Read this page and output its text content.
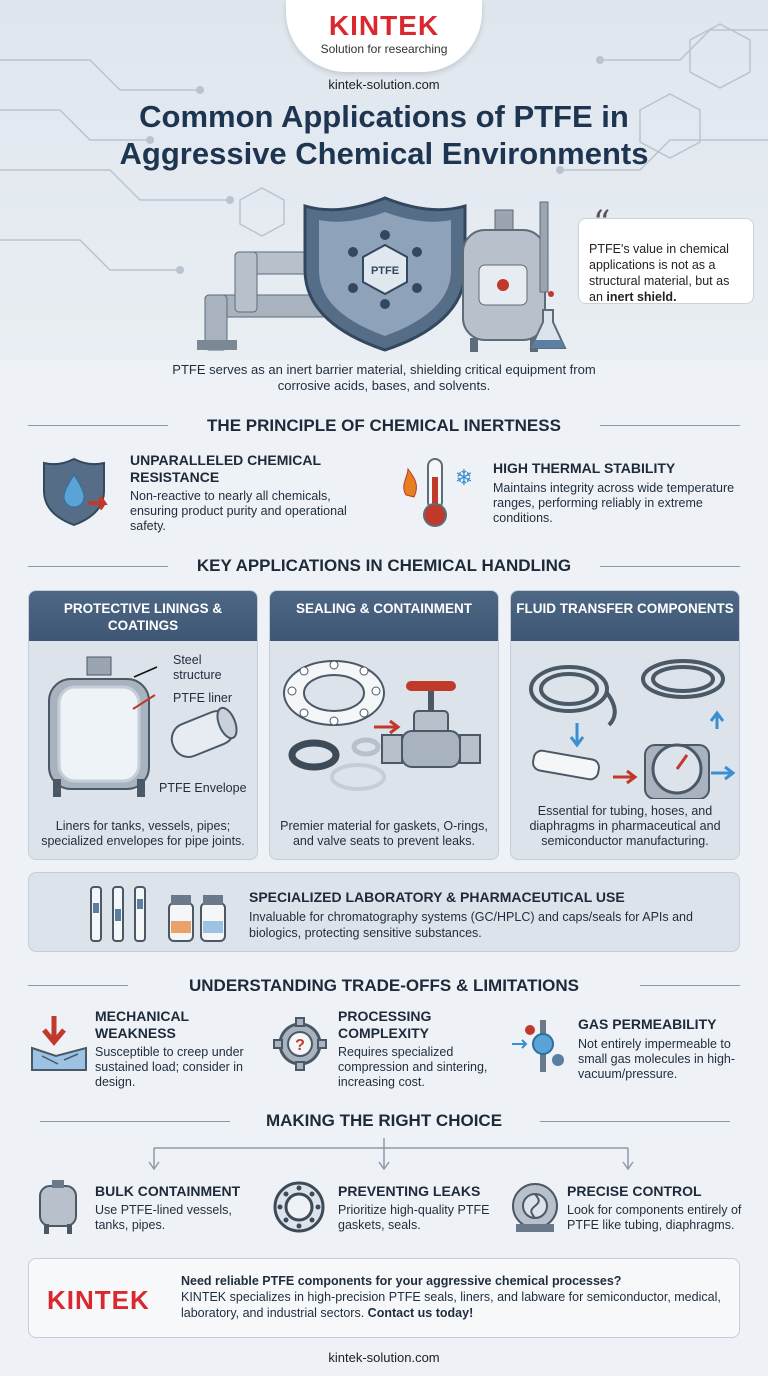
KINTEK
Solution for researching
kintek-solution.com
Common Applications of PTFE in
Aggressive Chemical Environments
PTFE
“
PTFE's value in chemical applications is not as a structural material, but as an inert shield.
PTFE serves as an inert barrier material, shielding critical equipment from corrosive acids, bases, and solvents.
THE PRINCIPLE OF CHEMICAL INERTNESS
UNPARALLELED CHEMICAL RESISTANCE
Non-reactive to nearly all chemicals, ensuring product purity and operational safety.
❄ HIGH THERMAL STABILITY
Maintains integrity across wide temperature ranges, performing reliably in extreme conditions.
KEY APPLICATIONS IN CHEMICAL HANDLING
PROTECTIVE LININGS & COATINGS
Steel structure
PTFE liner
PTFE Envelope
Liners for tanks, vessels, pipes; specialized envelopes for pipe joints.
SEALING & CONTAINMENT
Premier material for gaskets, O-rings, and valve seats to prevent leaks.
FLUID TRANSFER COMPONENTS
Essential for tubing, hoses, and diaphragms in pharmaceutical and semiconductor manufacturing.
SPECIALIZED LABORATORY & PHARMACEUTICAL USE
Invaluable for chromatography systems (GC/HPLC) and caps/seals for APIs and biologics, protecting sensitive substances.
UNDERSTANDING TRADE-OFFS & LIMITATIONS
MECHANICAL WEAKNESS
Susceptible to creep under sustained load; consider in design.
?
PROCESSING COMPLEXITY
Requires specialized compression and sintering, increasing cost.
GAS PERMEABILITY
Not entirely impermeable to small gas molecules in high-vacuum/pressure.
MAKING THE RIGHT CHOICE
BULK CONTAINMENT
Use PTFE-lined vessels, tanks, pipes.
PREVENTING LEAKS
Prioritize high-quality PTFE gaskets, seals.
PRECISE CONTROL
Look for components entirely of PTFE like tubing, diaphragms.
KINTEK
Need reliable PTFE components for your aggressive chemical processes?
KINTEK specializes in high-precision PTFE seals, liners, and labware for semiconductor, medical, laboratory, and industrial sectors. Contact us today!
kintek-solution.com
